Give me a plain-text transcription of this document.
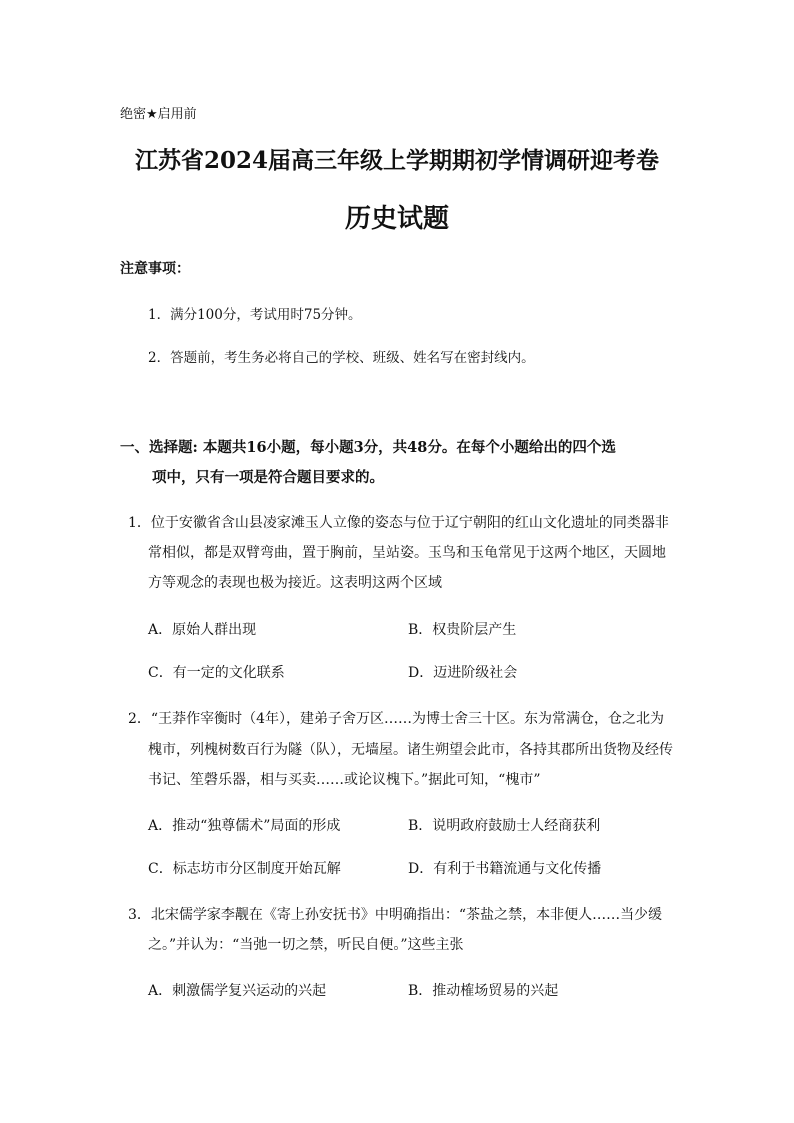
绝密★启用前
江苏省2024届高三年级上学期期初学情调研迎考卷
历史试题
注意事项：
1．满分100分，考试用时75分钟。
2．答题前，考生务必将自己的学校、班级、姓名写在密封线内。
一、选择题: 本题共16小题，每小题3分，共48分。在每个小题给出的四个选
项中，只有一项是符合题目要求的。
1．位于安徽省含山县凌家滩玉人立像的姿态与位于辽宁朝阳的红山文化遗址的同类器非
常相似，都是双臂弯曲，置于胸前，呈站姿。玉鸟和玉龟常见于这两个地区，天圆地
方等观念的表现也极为接近。这表明这两个区域
A．原始人群出现	B．权贵阶层产生
C．有一定的文化联系	D．迈进阶级社会
2．“王莽作宰衡时（4年），建弟子舍万区……为博士舍三十区。东为常满仓，仓之北为
槐市，列槐树数百行为隧（队），无墙屋。诸生朔望会此市，各持其郡所出货物及经传
书记、笙磬乐器，相与买卖……或论议槐下。”据此可知，“槐市”
A．推动“独尊儒术”局面的形成	B．说明政府鼓励士人经商获利
C．标志坊市分区制度开始瓦解	D．有利于书籍流通与文化传播
3．北宋儒学家李觏在《寄上孙安抚书》中明确指出：“茶盐之禁，本非便人……当少缓
之。”并认为：“当弛一切之禁，听民自便。”这些主张
A．刺激儒学复兴运动的兴起	B．推动榷场贸易的兴起
